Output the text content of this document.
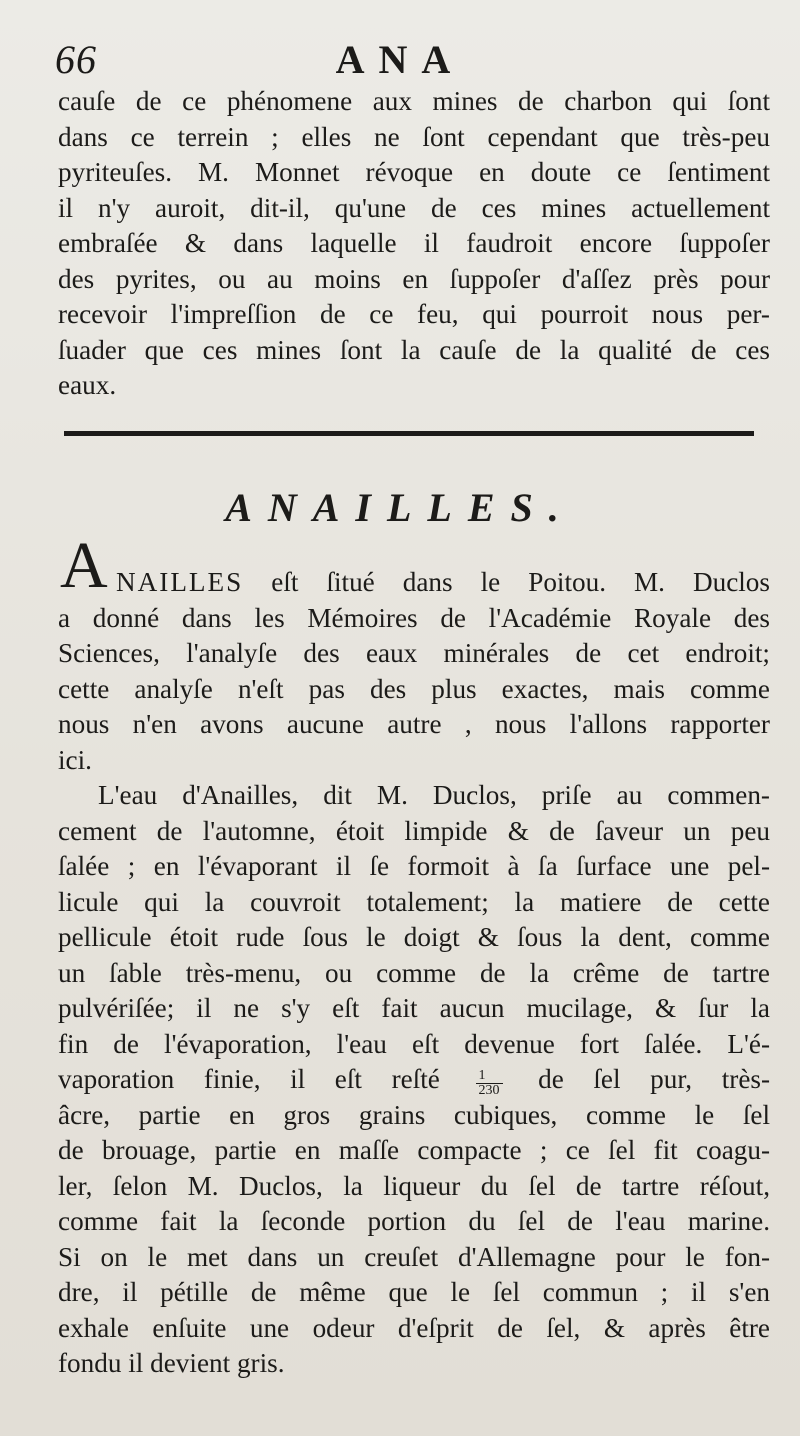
66	ANA
cauſe de ce phénomene aux mines de charbon qui ſont
dans ce terrein ; elles ne ſont cependant que très-peu
pyriteuſes. M. Monnet révoque en doute ce ſentiment
il n'y auroit, dit-il, qu'une de ces mines actuellement
embraſée & dans laquelle il faudroit encore ſuppoſer
des pyrites, ou au moins en ſuppoſer d'aſſez près pour
recevoir l'impreſſion de ce feu, qui pourroit nous per-
ſuader que ces mines ſont la cauſe de la qualité de ces
eaux.
ANAILLES.
A NAILLES eſt ſitué dans le Poitou. M. Duclos
a donné dans les Mémoires de l'Académie Royale des
Sciences, l'analyſe des eaux minérales de cet endroit;
cette analyſe n'eſt pas des plus exactes, mais comme
nous n'en avons aucune autre , nous l'allons rapporter
ici.
L'eau d'Anailles, dit M. Duclos, priſe au commen-
cement de l'automne, étoit limpide & de ſaveur un peu
ſalée ; en l'évaporant il ſe formoit à ſa ſurface une pel-
licule qui la couvroit totalement; la matiere de cette
pellicule étoit rude ſous le doigt & ſous la dent, comme
un ſable très-menu, ou comme de la crême de tartre
pulvériſée; il ne s'y eſt fait aucun mucilage, & ſur la
fin de l'évaporation, l'eau eſt devenue fort ſalée. L'é-
vaporation finie, il eſt reſté	$\frac{1}{230}$ de ſel pur, très-
âcre, partie en gros grains cubiques, comme le ſel
de brouage, partie en maſſe compacte ; ce ſel fit coagu-
ler, ſelon M. Duclos, la liqueur du ſel de tartre réſout,
comme fait la ſeconde portion du ſel de l'eau marine.
Si on le met dans un creuſet d'Allemagne pour le fon-
dre, il pétille de même que le ſel commun ; il s'en
exhale enſuite une odeur d'eſprit de ſel, & après être
fondu il devient gris.
